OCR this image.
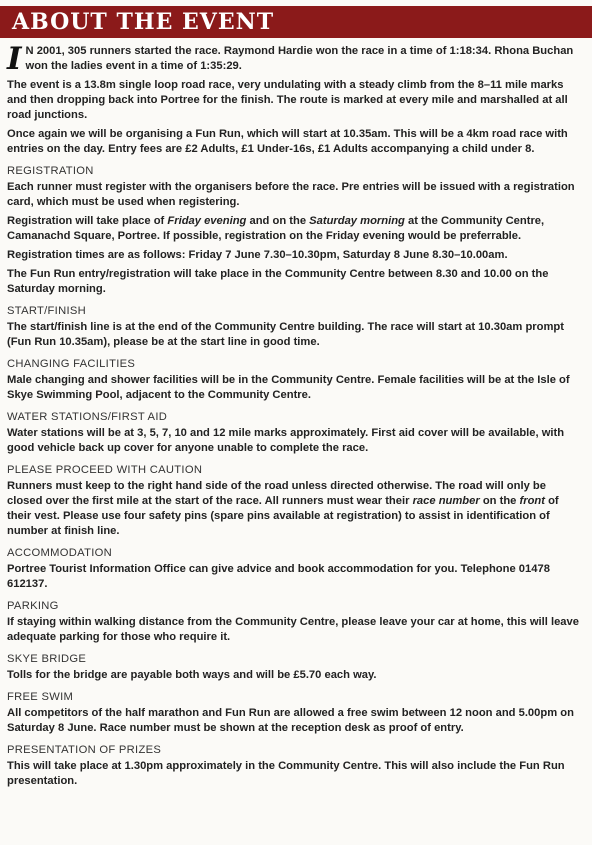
ABOUT THE EVENT

I N 2001, 305 runners started the race. Raymond Hardie won the race in a time of 1:18:34. Rhona Buchan won the ladies event in a time of 1:35:29.

The event is a 13.8m single loop road race, very undulating with a steady climb from the 8–11 mile marks and then dropping back into Portree for the finish. The route is marked at every mile and marshalled at all road junctions.

Once again we will be organising a Fun Run, which will start at 10.35am. This will be a 4km road race with entries on the day. Entry fees are £2 Adults, £1 Under-16s, £1 Adults accompanying a child under 8.

REGISTRATION

Each runner must register with the organisers before the race. Pre entries will be issued with a registration card, which must be used when registering.

Registration will take place of Friday evening and on the Saturday morning at the Community Centre, Camanachd Square, Portree. If possible, registration on the Friday evening would be preferrable.

Registration times are as follows: Friday 7 June 7.30–10.30pm, Saturday 8 June 8.30–10.00am.

The Fun Run entry/registration will take place in the Community Centre between 8.30 and 10.00 on the Saturday morning.

START/FINISH

The start/finish line is at the end of the Community Centre building. The race will start at 10.30am prompt (Fun Run 10.35am), please be at the start line in good time.

CHANGING FACILITIES

Male changing and shower facilities will be in the Community Centre. Female facilities will be at the Isle of Skye Swimming Pool, adjacent to the Community Centre.

WATER STATIONS/FIRST AID

Water stations will be at 3, 5, 7, 10 and 12 mile marks approximately. First aid cover will be available, with good vehicle back up cover for anyone unable to complete the race.

PLEASE PROCEED WITH CAUTION

Runners must keep to the right hand side of the road unless directed otherwise. The road will only be closed over the first mile at the start of the race. All runners must wear their race number on the front of their vest. Please use four safety pins (spare pins available at registration) to assist in identification of number at finish line.

ACCOMMODATION

Portree Tourist Information Office can give advice and book accommodation for you. Telephone 01478 612137.

PARKING

If staying within walking distance from the Community Centre, please leave your car at home, this will leave adequate parking for those who require it.

SKYE BRIDGE

Tolls for the bridge are payable both ways and will be £5.70 each way.

FREE SWIM

All competitors of the half marathon and Fun Run are allowed a free swim between 12 noon and 5.00pm on Saturday 8 June. Race number must be shown at the reception desk as proof of entry.

PRESENTATION OF PRIZES

This will take place at 1.30pm approximately in the Community Centre. This will also include the Fun Run presentation.
